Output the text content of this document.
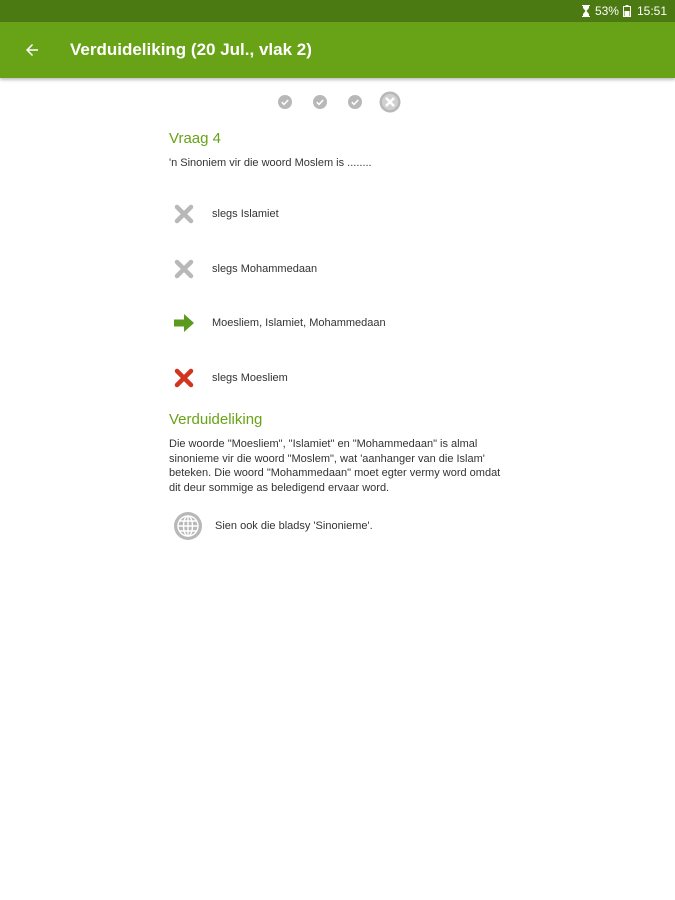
53% 15:51
Verduideliking (20 Jul., vlak 2)
Vraag 4
'n Sinoniem vir die woord Moslem is ........
slegs Islamiet
slegs Mohammedaan
Moesliem, Islamiet, Mohammedaan
slegs Moesliem
Verduideliking
Die woorde "Moesliem", "Islamiet" en "Mohammedaan" is almal sinonieme vir die woord "Moslem", wat 'aanhanger van die Islam' beteken. Die woord "Mohammedaan" moet egter vermy word omdat dit deur sommige as beledigend ervaar word.
Sien ook die bladsy 'Sinonieme'.
